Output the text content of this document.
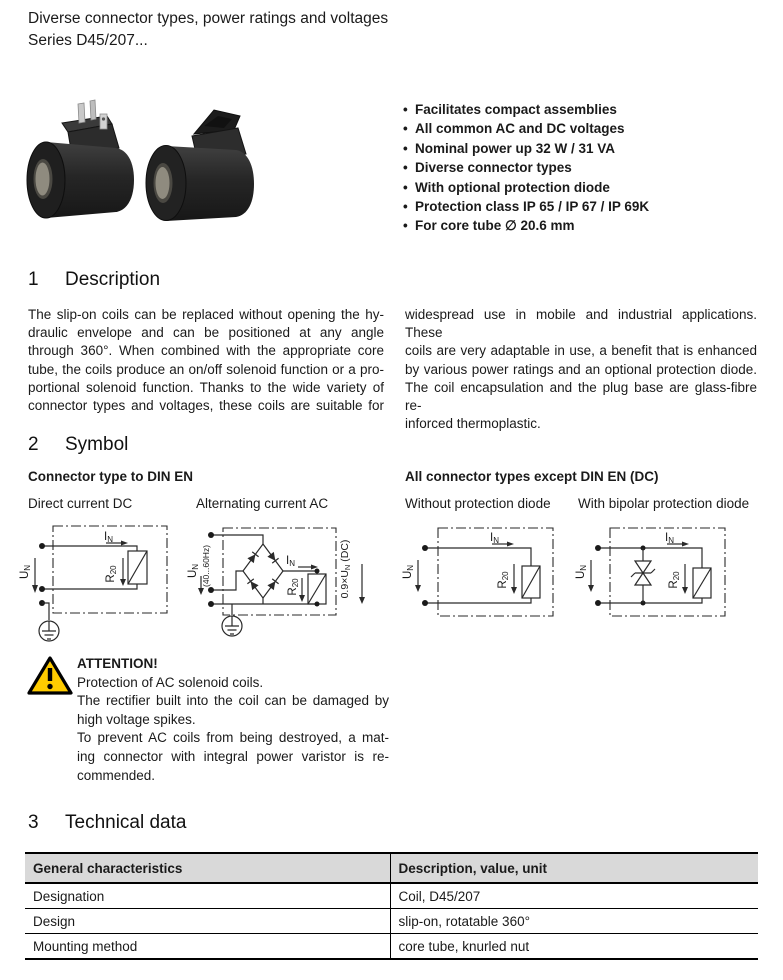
Diverse connector types, power ratings and voltages
Series D45/207...
• Facilitates compact assemblies
• All common AC and DC voltages
• Nominal power up 32 W / 31 VA
• Diverse connector types
• With optional protection diode
• Protection class IP 65 / IP 67 / IP 69K
• For core tube ∅ 20.6 mm
1 Description
The slip-on coils can be replaced without opening the hy-
draulic envelope and can be positioned at any angle
through 360°. When combined with the appropriate core
tube, the coils produce an on/off solenoid function or a pro-
portional solenoid function. Thanks to the wide variety of
connector types and voltages, these coils are suitable for
widespread use in mobile and industrial applications. These
coils are very adaptable in use, a benefit that is enhanced
by various power ratings and an optional protection diode.
The coil encapsulation and the plug base are glass-fibre re-
inforced thermoplastic.
2 Symbol
Connector type to DIN EN	All connector types except DIN EN (DC)
Direct current DC	Alternating current AC	Without protection diode With bipolar protection diode
UN
IN
R20	UN (40...60Hz)	IN
R20	0.9×UN (DC)
UN
IN
R20	UN
IN
R20
ATTENTION!
Protection of AC solenoid coils.
The rectifier built into the coil can be damaged by
high voltage spikes.
To prevent AC coils from being destroyed, a mat-
ing connector with integral power varistor is re-
commended.
3 Technical data
General characteristics	Description, value, unit
Designation	Coil, D45/207
Design	slip-on, rotatable 360°
Mounting method	core tube, knurled nut
